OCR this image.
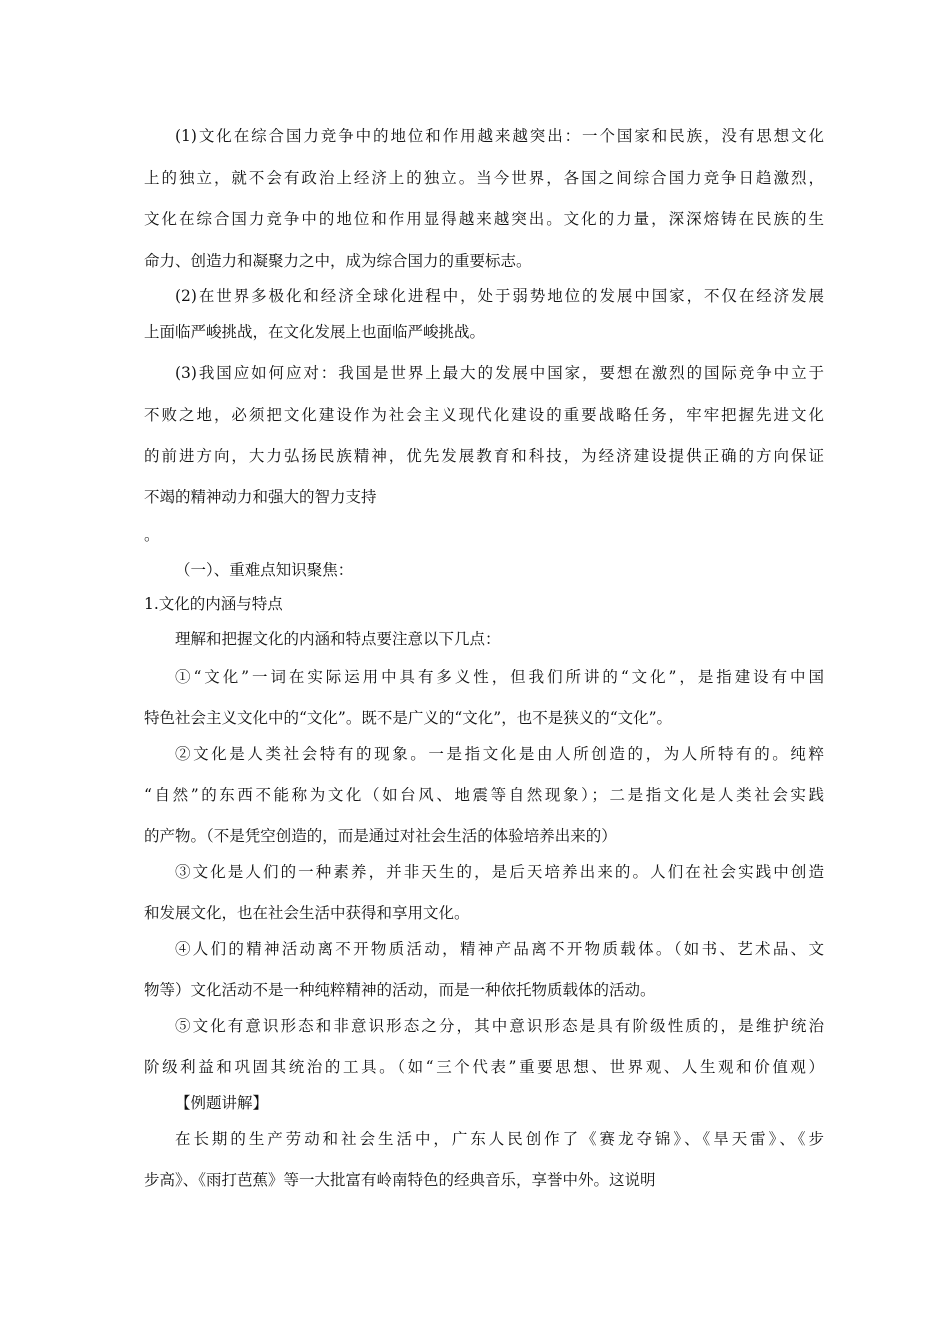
(1)文化在综合国力竞争中的地位和作用越来越突出：一个国家和民族，没有思想文化
上的独立，就不会有政治上经济上的独立。当今世界，各国之间综合国力竞争日趋激烈，
文化在综合国力竞争中的地位和作用显得越来越突出。文化的力量，深深熔铸在民族的生
命力、创造力和凝聚力之中，成为综合国力的重要标志。
(2)在世界多极化和经济全球化进程中，处于弱势地位的发展中国家，不仅在经济发展
上面临严峻挑战，在文化发展上也面临严峻挑战。
(3)我国应如何应对：我国是世界上最大的发展中国家，要想在激烈的国际竞争中立于
不败之地，必须把文化建设作为社会主义现代化建设的重要战略任务，牢牢把握先进文化
的前进方向，大力弘扬民族精神，优先发展教育和科技，为经济建设提供正确的方向保证
不竭的精神动力和强大的智力支持
。
（一）、重难点知识聚焦：
1.文化的内涵与特点
理解和把握文化的内涵和特点要注意以下几点：
①“文化”一词在实际运用中具有多义性，但我们所讲的“文化”，是指建设有中国
特色社会主义文化中的“文化”。既不是广义的“文化”，也不是狭义的“文化”。
②文化是人类社会特有的现象。一是指文化是由人所创造的，为人所特有的。纯粹
“自然”的东西不能称为文化（如台风、地震等自然现象）；二是指文化是人类社会实践
的产物。（不是凭空创造的，而是通过对社会生活的体验培养出来的）
③文化是人们的一种素养，并非天生的，是后天培养出来的。人们在社会实践中创造
和发展文化，也在社会生活中获得和享用文化。
④人们的精神活动离不开物质活动，精神产品离不开物质载体。（如书、艺术品、文
物等）文化活动不是一种纯粹精神的活动，而是一种依托物质载体的活动。
⑤文化有意识形态和非意识形态之分，其中意识形态是具有阶级性质的，是维护统治
阶级利益和巩固其统治的工具。（如“三个代表”重要思想、世界观、人生观和价值观）
【例题讲解】
在长期的生产劳动和社会生活中，广东人民创作了《赛龙夺锦》、《旱天雷》、《步
步高》、《雨打芭蕉》等一大批富有岭南特色的经典音乐，享誉中外。这说明
